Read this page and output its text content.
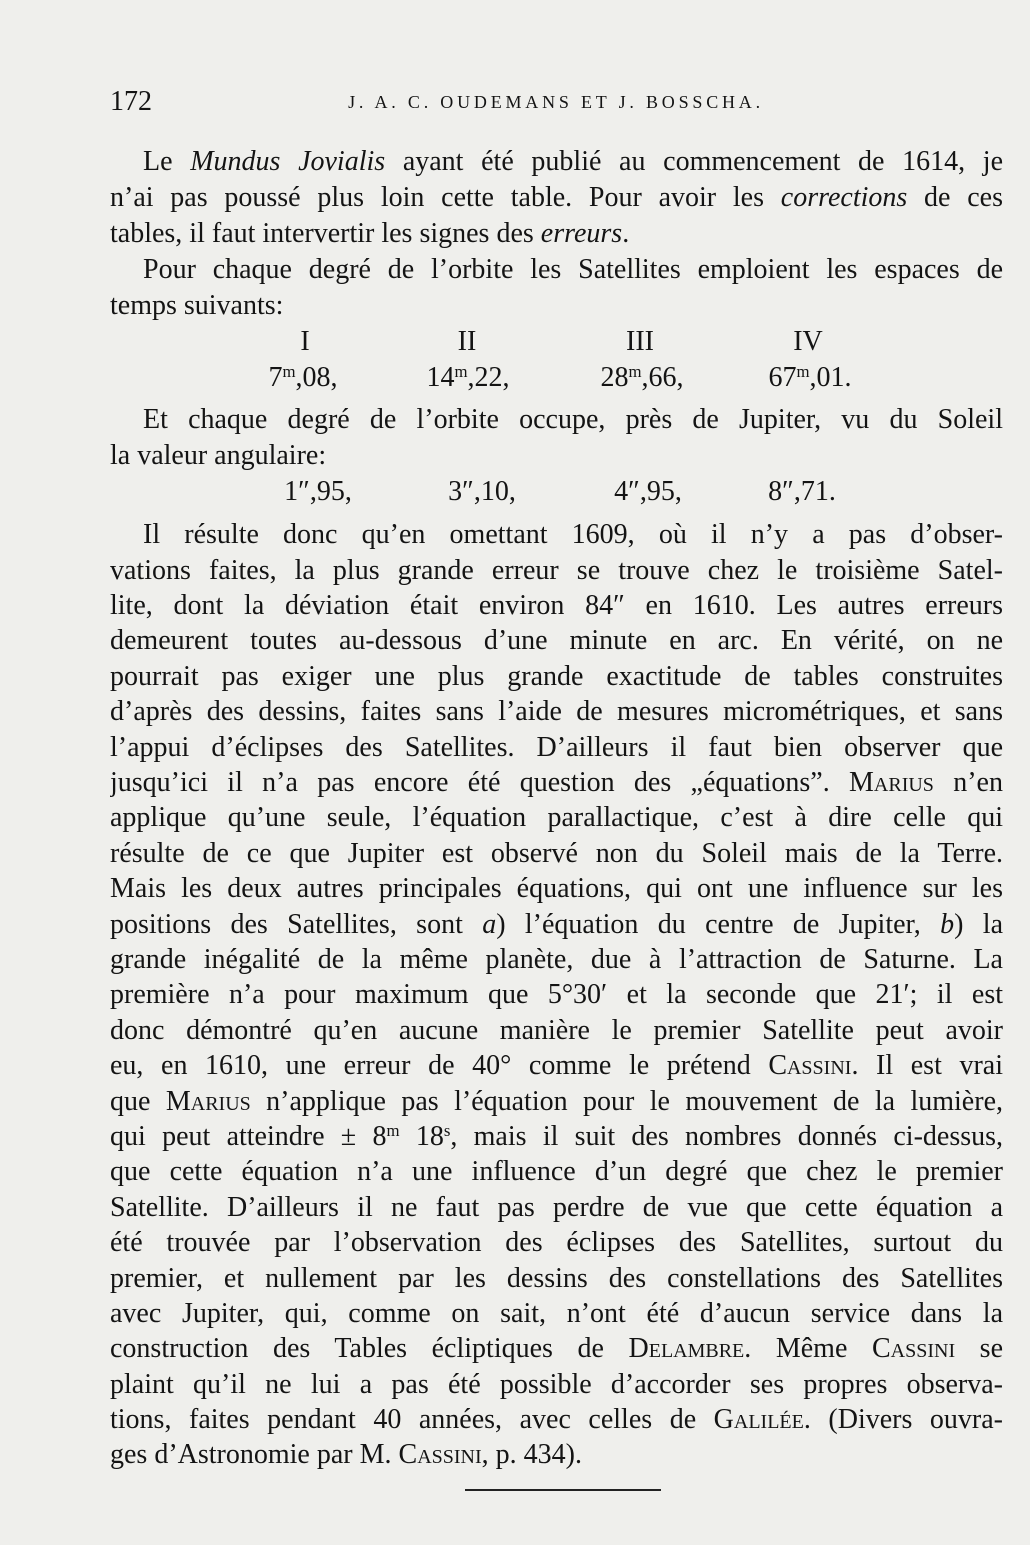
172	J. A. C. OUDEMANS ET J. BOSSCHA.
Le Mundus Jovialis ayant été publié au commencement de 1614, je
n’ai pas poussé plus loin cette table. Pour avoir les corrections de ces
tables, il faut intervertir les signes des erreurs.
Pour chaque degré de l’orbite les Satellites emploient les espaces de
temps suivants:
I	II	III	IV
7$^m$,08,	14$^m$,22,	28$^m$,66,	67$^m$,01.
Et chaque degré de l’orbite occupe, près de Jupiter, vu du Soleil
la valeur angulaire:
1″,95,	3″,10,	4″,95,	8″,71.
Il résulte donc qu’en omettant 1609, où il n’y a pas d’obser-
vations faites, la plus grande erreur se trouve chez le troisième Satel-
lite, dont la déviation était environ 84″ en 1610. Les autres erreurs
demeurent toutes au-dessous d’une minute en arc. En vérité, on ne
pourrait pas exiger une plus grande exactitude de tables construites
d’après des dessins, faites sans l’aide de mesures micrométriques, et sans
l’appui d’éclipses des Satellites. D’ailleurs il faut bien observer que
jusqu’ici il n’a pas encore été question des „équations”. Marius n’en
applique qu’une seule, l’équation parallactique, c’est à dire celle qui
résulte de ce que Jupiter est observé non du Soleil mais de la Terre.
Mais les deux autres principales équations, qui ont une influence sur les
positions des Satellites, sont a) l’équation du centre de Jupiter, b) la
grande inégalité de la même planète, due à l’attraction de Saturne. La
première n’a pour maximum que 5°30′ et la seconde que 21′; il est
donc démontré qu’en aucune manière le premier Satellite peut avoir
eu, en 1610, une erreur de 40° comme le prétend Cassini. Il est vrai
que Marius n’applique pas l’équation pour le mouvement de la lumière,
qui peut atteindre ± $8^m$ 18$^s$, mais il suit des nombres donnés ci-dessus,
que cette équation n’a une influence d’un degré que chez le premier
Satellite. D’ailleurs il ne faut pas perdre de vue que cette équation a
été trouvée par l’observation des éclipses des Satellites, surtout du
premier, et nullement par les dessins des constellations des Satellites
avec Jupiter, qui, comme on sait, n’ont été d’aucun service dans la
construction des Tables écliptiques de Delambre. Même Cassini se
plaint qu’il ne lui a pas été possible d’accorder ses propres observa-
tions, faites pendant 40 années, avec celles de Galilée. (Divers ouvra-
ges d’Astronomie par M. Cassini, p. 434).
